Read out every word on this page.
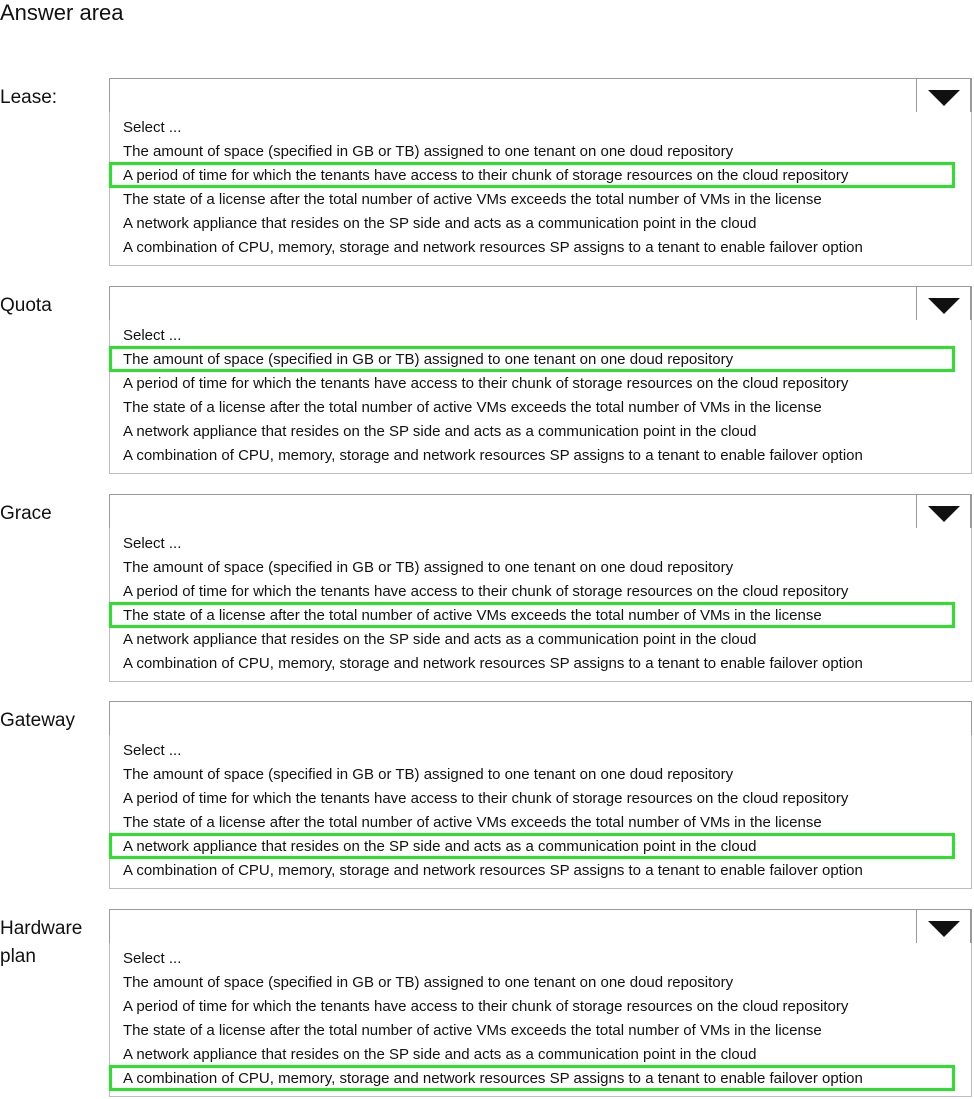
Answer area
Lease:
Select ...
The amount of space (specified in GB or TB) assigned to one tenant on one doud repository
A period of time for which the tenants have access to their chunk of storage resources on the cloud repository
The state of a license after the total number of active VMs exceeds the total number of VMs in the license
A network appliance that resides on the SP side and acts as a communication point in the cloud
A combination of CPU, memory, storage and network resources SP assigns to a tenant to enable failover option
Quota
Select ...
The amount of space (specified in GB or TB) assigned to one tenant on one doud repository
A period of time for which the tenants have access to their chunk of storage resources on the cloud repository
The state of a license after the total number of active VMs exceeds the total number of VMs in the license
A network appliance that resides on the SP side and acts as a communication point in the cloud
A combination of CPU, memory, storage and network resources SP assigns to a tenant to enable failover option
Grace
Select ...
The amount of space (specified in GB or TB) assigned to one tenant on one doud repository
A period of time for which the tenants have access to their chunk of storage resources on the cloud repository
The state of a license after the total number of active VMs exceeds the total number of VMs in the license
A network appliance that resides on the SP side and acts as a communication point in the cloud
A combination of CPU, memory, storage and network resources SP assigns to a tenant to enable failover option
Gateway
Select ...
The amount of space (specified in GB or TB) assigned to one tenant on one doud repository
A period of time for which the tenants have access to their chunk of storage resources on the cloud repository
The state of a license after the total number of active VMs exceeds the total number of VMs in the license
A network appliance that resides on the SP side and acts as a communication point in the cloud
A combination of CPU, memory, storage and network resources SP assigns to a tenant to enable failover option
Hardware
plan	Select ...
The amount of space (specified in GB or TB) assigned to one tenant on one doud repository
A period of time for which the tenants have access to their chunk of storage resources on the cloud repository
The state of a license after the total number of active VMs exceeds the total number of VMs in the license
A network appliance that resides on the SP side and acts as a communication point in the cloud
A combination of CPU, memory, storage and network resources SP assigns to a tenant to enable failover option
